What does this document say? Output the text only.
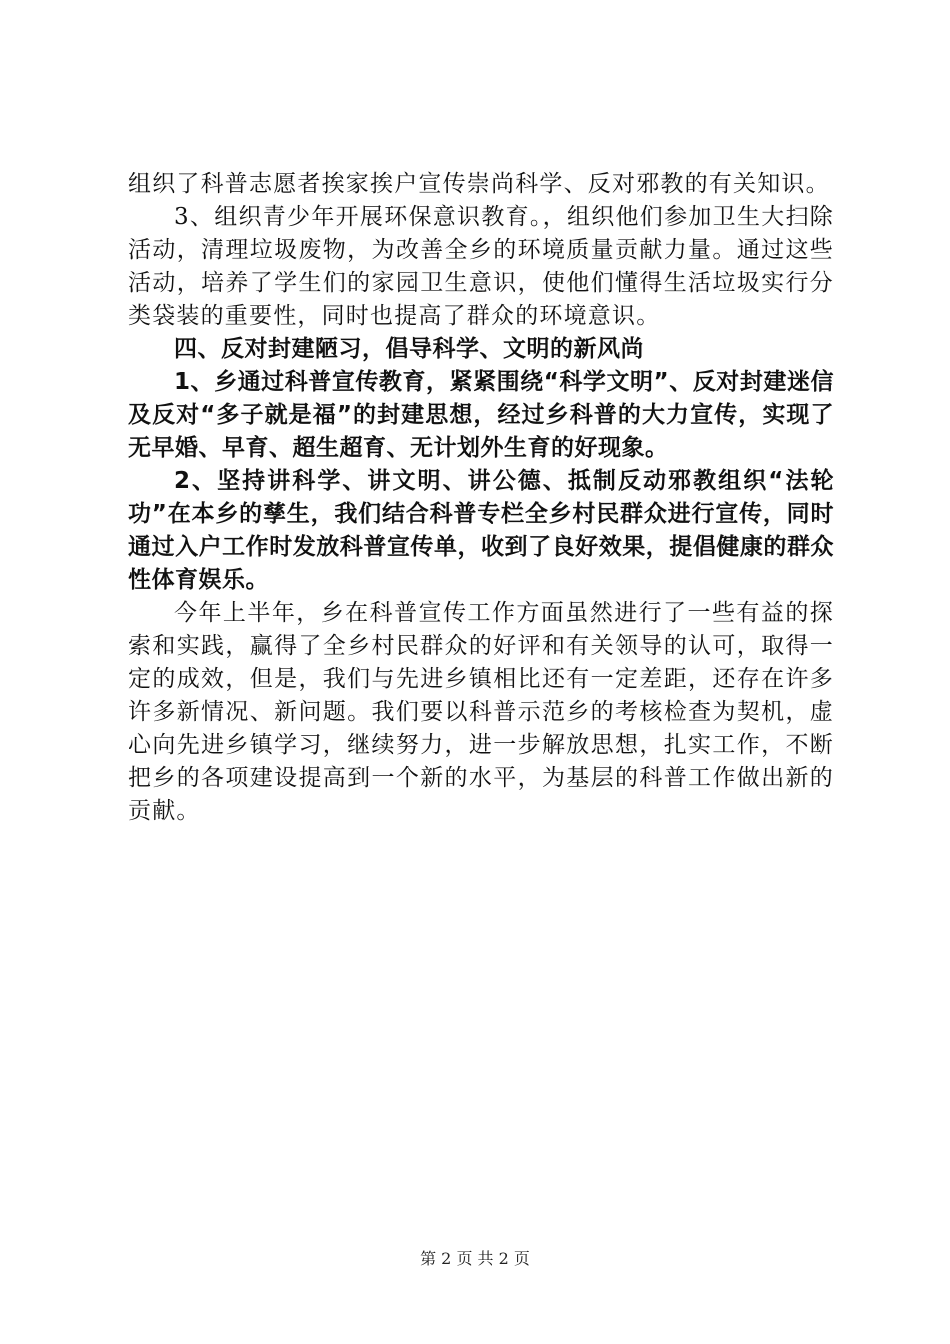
组织了科普志愿者挨家挨户宣传崇尚科学、反对邪教的有关知识。

3、组织青少年开展环保意识教育。，组织他们参加卫生大扫除活动，清理垃圾废物，为改善全乡的环境质量贡献力量。通过这些活动，培养了学生们的家园卫生意识，使他们懂得生活垃圾实行分类袋装的重要性，同时也提高了群众的环境意识。

四、反对封建陋习，倡导科学、文明的新风尚

1、乡通过科普宣传教育，紧紧围绕“科学文明”、反对封建迷信及反对“多子就是福”的封建思想，经过乡科普的大力宣传，实现了无早婚、早育、超生超育、无计划外生育的好现象。

2、坚持讲科学、讲文明、讲公德、抵制反动邪教组织“法轮功”在本乡的孳生，我们结合科普专栏全乡村民群众进行宣传，同时通过入户工作时发放科普宣传单，收到了良好效果，提倡健康的群众性体育娱乐。

今年上半年，乡在科普宣传工作方面虽然进行了一些有益的探索和实践，赢得了全乡村民群众的好评和有关领导的认可，取得一定的成效，但是，我们与先进乡镇相比还有一定差距，还存在许多许多新情况、新问题。我们要以科普示范乡的考核检查为契机，虚心向先进乡镇学习，继续努力，进一步解放思想，扎实工作，不断把乡的各项建设提高到一个新的水平，为基层的科普工作做出新的贡献。

第 2 页 共 2 页
